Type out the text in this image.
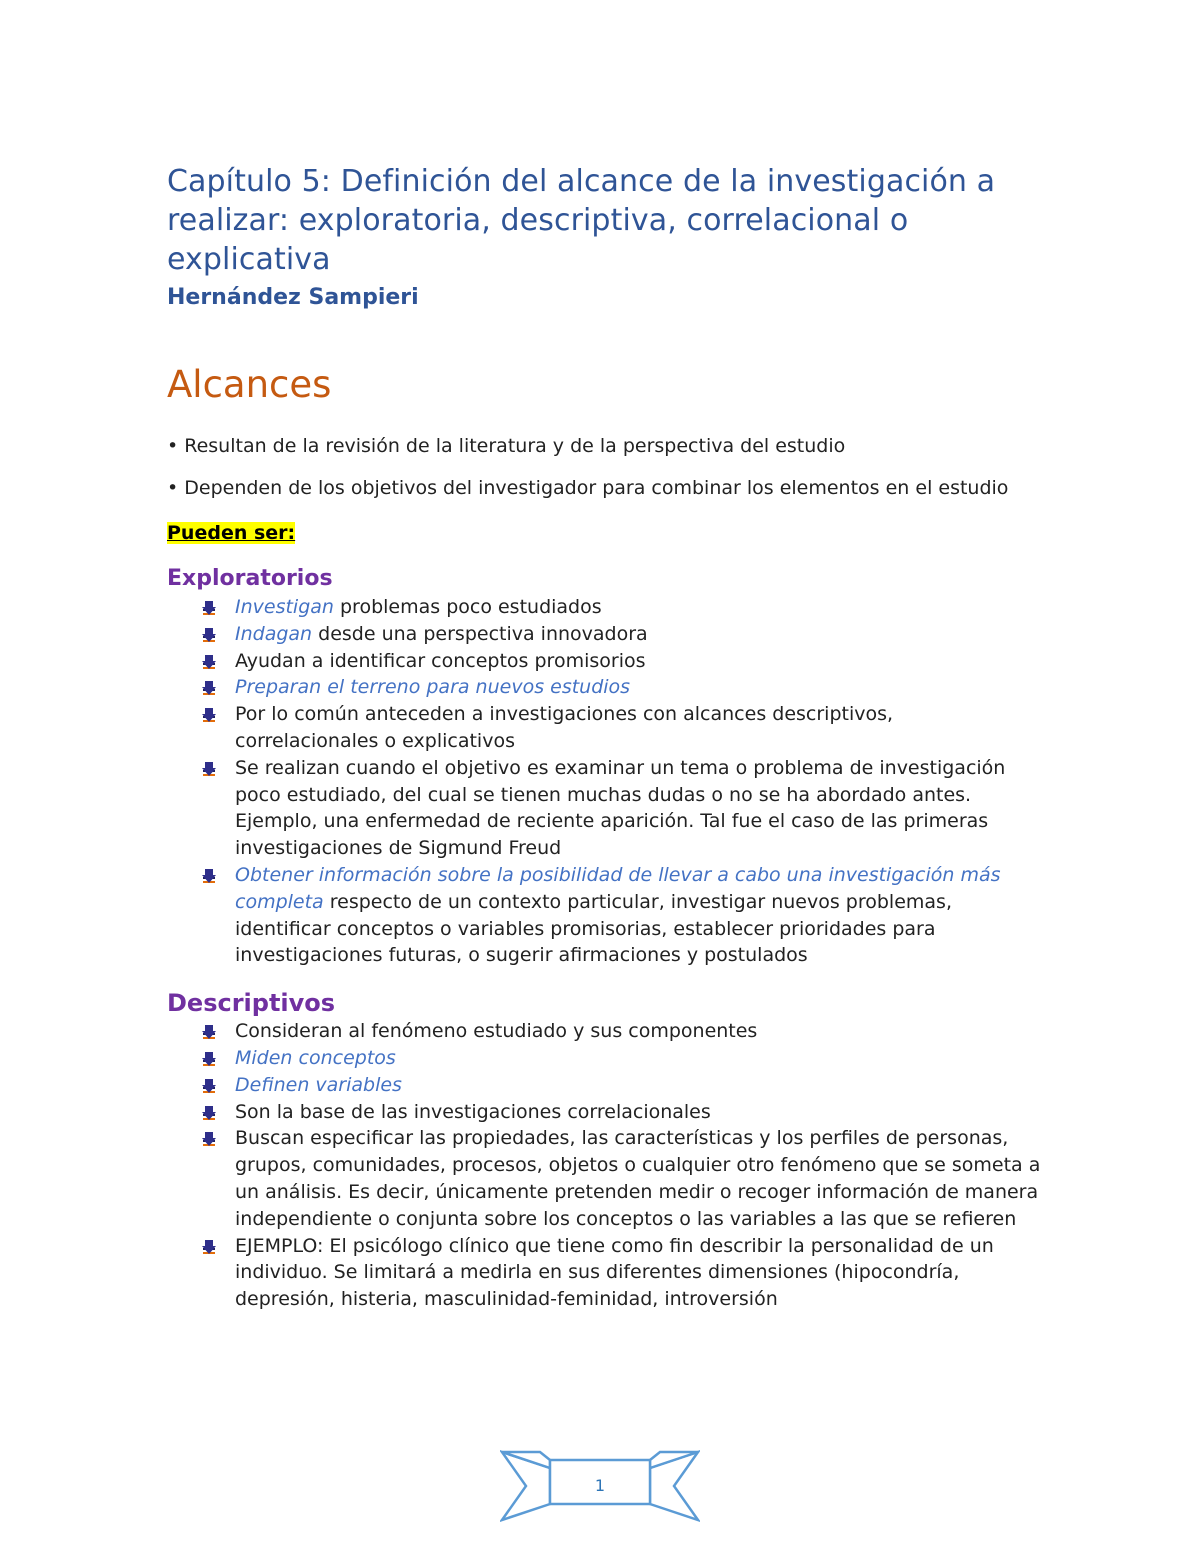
Capítulo 5: Definición del alcance de la investigación a realizar: exploratoria, descriptiva, correlacional o explicativa
Hernández Sampieri
Alcances

• Resultan de la revisión de la literatura y de la perspectiva del estudio

• Dependen de los objetivos del investigador para combinar los elementos en el estudio

Pueden ser:
Exploratorios
Investigan problemas poco estudiados
Indagan desde una perspectiva innovadora
Ayudan a identificar conceptos promisorios
Preparan el terreno para nuevos estudios
Por lo común anteceden a investigaciones con alcances descriptivos, correlacionales o explicativos
Se realizan cuando el objetivo es examinar un tema o problema de investigación poco estudiado, del cual se tienen muchas dudas o no se ha abordado antes. Ejemplo, una enfermedad de reciente aparición. Tal fue el caso de las primeras investigaciones de Sigmund Freud
Obtener información sobre la posibilidad de llevar a cabo una investigación más completa respecto de un contexto particular, investigar nuevos problemas, identificar conceptos o variables promisorias, establecer prioridades para investigaciones futuras, o sugerir afirmaciones y postulados
Descriptivos
Consideran al fenómeno estudiado y sus componentes
Miden conceptos
Definen variables
Son la base de las investigaciones correlacionales
Buscan especificar las propiedades, las características y los perfiles de personas, grupos, comunidades, procesos, objetos o cualquier otro fenómeno que se someta a un análisis. Es decir, únicamente pretenden medir o recoger información de manera independiente o conjunta sobre los conceptos o las variables a las que se refieren
EJEMPLO: El psicólogo clínico que tiene como fin describir la personalidad de un individuo. Se limitará a medirla en sus diferentes dimensiones (hipocondría, depresión, histeria, masculinidad-feminidad, introversión
1
